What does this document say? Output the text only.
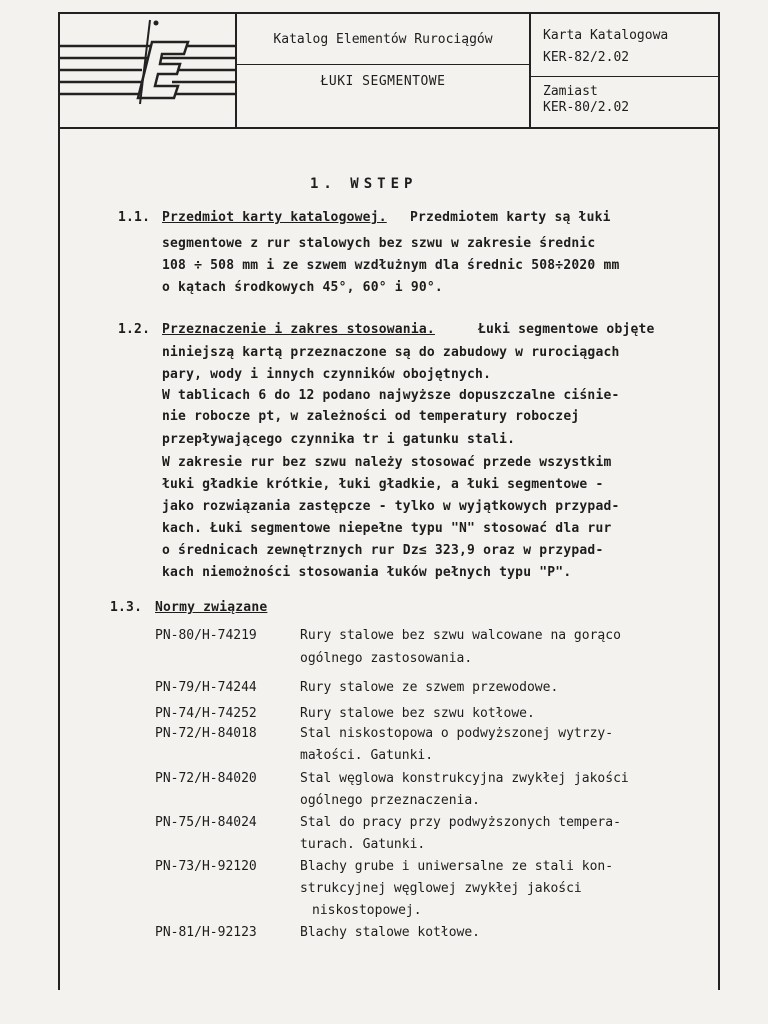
Katalog Elementów Rurociągów
ŁUKI SEGMENTOWE
Karta Katalogowa
KER-82/2.02
Zamiast
KER-80/2.02
1. WSTEP
1.1. Przedmiot karty katalogowej. Przedmiotem karty są łuki
segmentowe z rur stalowych bez szwu w zakresie średnic
108 ÷ 508 mm i ze szwem wzdłużnym dla średnic 508÷2020 mm
o kątach środkowych 45°, 60° i 90°.
1.2. Przeznaczenie i zakres stosowania.	Łuki segmentowe objęte
niniejszą kartą przeznaczone są do zabudowy w rurociągach
pary, wody i innych czynników obojętnych.
W tablicach 6 do 12 podano najwyższe dopuszczalne ciśnie-
nie robocze pt, w zależności od temperatury roboczej
przepływającego czynnika tr i gatunku stali.
W zakresie rur bez szwu należy stosować przede wszystkim
łuki gładkie krótkie, łuki gładkie, a łuki segmentowe -
jako rozwiązania zastępcze - tylko w wyjątkowych przypad-
kach. Łuki segmentowe niepełne typu "N" stosować dla rur
o średnicach zewnętrznych rur Dz≤ 323,9 oraz w przypad-
kach niemożności stosowania łuków pełnych typu "P".
1.3. Normy związane
PN-80/H-74219	Rury stalowe bez szwu walcowane na gorąco
ogólnego zastosowania.
PN-79/H-74244	Rury stalowe ze szwem przewodowe.
PN-74/H-74252	Rury stalowe bez szwu kotłowe.
PN-72/H-84018	Stal niskostopowa o podwyższonej wytrzy-
małości. Gatunki.
PN-72/H-84020	Stal węglowa konstrukcyjna zwykłej jakości
ogólnego przeznaczenia.
PN-75/H-84024	Stal do pracy przy podwyższonych tempera-
turach. Gatunki.
PN-73/H-92120	Blachy grube i uniwersalne ze stali kon-
strukcyjnej węglowej zwykłej jakości
niskostopowej.
PN-81/H-92123	Blachy stalowe kotłowe.
